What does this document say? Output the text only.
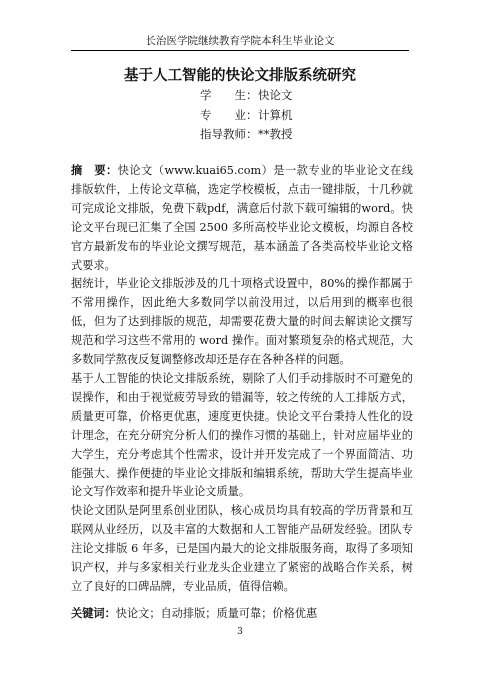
长治医学院继续教育学院本科生毕业论文
基于人工智能的快论文排版系统研究
学　　生： 快论文
专　　业： 计算机
指导教师： **教授

摘　要：快论文（www.kuai65.com）是一款专业的毕业论文在线排版软件，上传论文草稿，选定学校模板，点击一键排版，十几秒就可完成论文排版，免费下载pdf，满意后付款下载可编辑的word。快论文平台现已汇集了全国 2500 多所高校毕业论文模板，均源自各校官方最新发布的毕业论文撰写规范，基本涵盖了各类高校毕业论文格式要求。

据统计，毕业论文排版涉及的几十项格式设置中，80%的操作都属于不常用操作，因此绝大多数同学以前没用过，以后用到的概率也很低，但为了达到排版的规范，却需要花费大量的时间去解读论文撰写规范和学习这些不常用的 word 操作。面对繁琐复杂的格式规范，大多数同学熬夜反复调整修改却还是存在各种各样的问题。

基于人工智能的快论文排版系统，剔除了人们手动排版时不可避免的误操作，和由于视觉疲劳导致的错漏等，较之传统的人工排版方式，质量更可靠，价格更优惠，速度更快捷。快论文平台秉持人性化的设计理念，在充分研究分析人们的操作习惯的基础上，针对应届毕业的大学生，充分考虑其个性需求，设计并开发完成了一个界面简洁、功能强大、操作便捷的毕业论文排版和编辑系统，帮助大学生提高毕业论文写作效率和提升毕业论文质量。

快论文团队是阿里系创业团队，核心成员均具有较高的学历背景和互联网从业经历，以及丰富的大数据和人工智能产品研发经验。团队专注论文排版 6 年多，已是国内最大的论文排版服务商，取得了多项知识产权，并与多家相关行业龙头企业建立了紧密的战略合作关系，树立了良好的口碑品牌，专业品质，值得信赖。

关键词：快论文；自动排版；质量可靠；价格优惠

3
